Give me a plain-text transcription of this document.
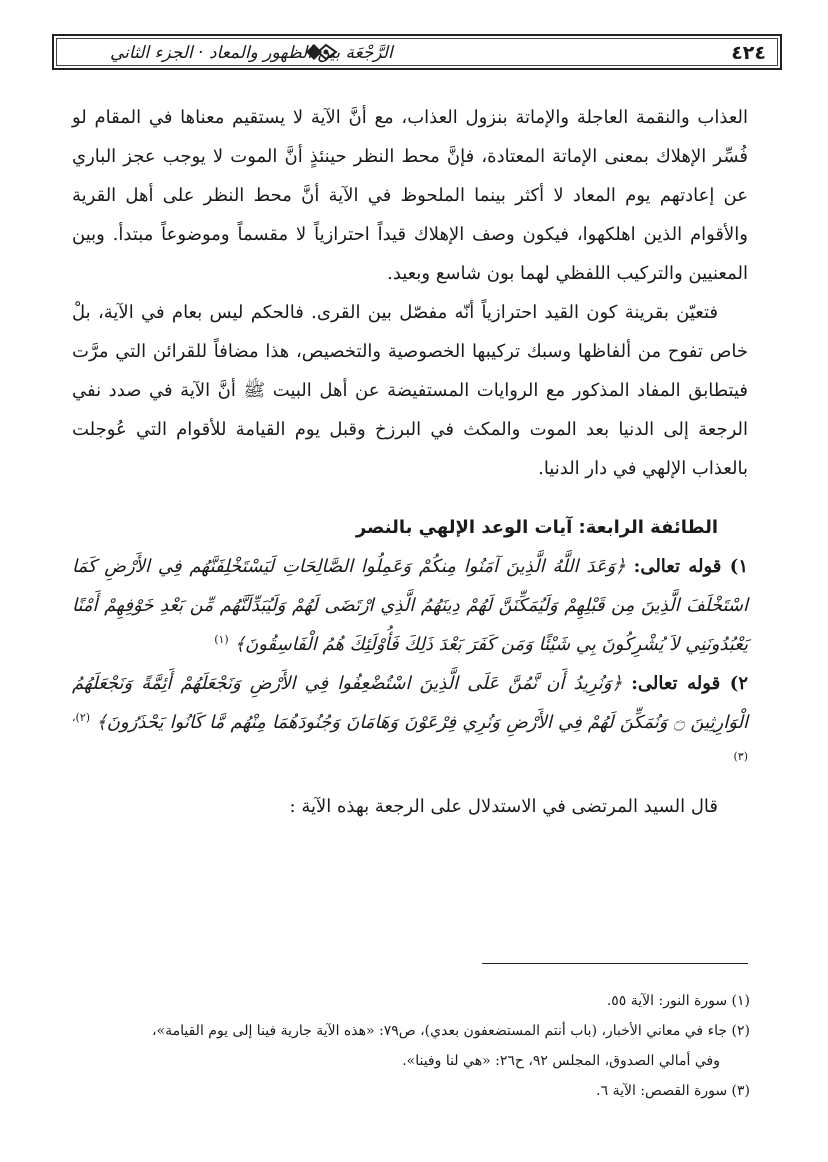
الرَّجْعَة بين الظهور والمعاد · الجزء الثاني	٤٢٤

العذاب والنقمة العاجلة والإماتة بنزول العذاب، مع أنَّ الآية لا يستقيم معناها في المقام لو فُسِّر الإهلاك بمعنى الإماتة المعتادة، فإنَّ محط النظر حينئذٍ أنَّ الموت لا يوجب عجز الباري عن إعادتهم يوم المعاد لا أكثر بينما الملحوظ في الآية أنَّ محط النظر على أهل القرية والأقوام الذين اهلكهوا، فيكون وصف الإهلاك قيداً احترازياً لا مقسماً وموضوعاً مبتدأ. وبين المعنيين والتركيب اللفظي لهما بون شاسع وبعيد.

فتعيّن بقرينة كون القيد احترازياً أنّه مفصّل بين القرى. فالحكم ليس بعام في الآية، بلْ خاص تفوح من ألفاظها وسبك تركيبها الخصوصية والتخصيص، هذا مضافاً للقرائن التي مرَّت فيتطابق المفاد المذكور مع الروايات المستفيضة عن أهل البيت ﷺ أنَّ الآية في صدد نفي الرجعة إلى الدنيا بعد الموت والمكث في البرزخ وقبل يوم القيامة للأقوام التي عُوجلت بالعذاب الإلهي في دار الدنيا.

الطائفة الرابعة: آيات الوعد الإلهي بالنصر

١) قوله تعالى: ﴿وَعَدَ اللَّهُ الَّذِينَ آمَنُوا مِنكُمْ وَعَمِلُوا الصَّالِحَاتِ لَيَسْتَخْلِفَنَّهُم فِي الأَرْضِ كَمَا اسْتَخْلَفَ الَّذِينَ مِن قَبْلِهِمْ وَلَيُمَكِّنَنَّ لَهُمْ دِينَهُمُ الَّذِي ارْتَضَى لَهُمْ وَلَيُبَدِّلَنَّهُم مِّن بَعْدِ خَوْفِهِمْ أَمْنًا يَعْبُدُونَنِي لاَ يُشْرِكُونَ بِي شَيْئًا وَمَن كَفَرَ بَعْدَ ذَلِكَ فَأُوْلَئِكَ هُمُ الْفَاسِقُونَ﴾ $^{(١)}$

٢) قوله تعالى: ﴿وَنُرِيدُ أَن نَّمُنَّ عَلَى الَّذِينَ اسْتُضْعِفُوا فِي الأَرْضِ وَنَجْعَلَهُمْ أَئِمَّةً وَنَجْعَلَهُمُ الْوَارِثِينَ ۝ وَنُمَكِّنَ لَهُمْ فِي الأَرْضِ وَنُرِي فِرْعَوْنَ وَهَامَانَ وَجُنُودَهُمَا مِنْهُم مَّا كَانُوا يَحْذَرُونَ﴾ $^{(٢)، (٣)}$

قال السيد المرتضى في الاستدلال على الرجعة بهذه الآية :
(١) سورة النور: الآية ٥٥.
(٢) جاء في معاني الأخبار، (باب أنتم المستضعفون بعدي)، ص٧٩: «هذه الآية جارية فينا إلى يوم القيامة»،
وفي أمالي الصدوق، المجلس ٩٢، ح٢٦: «هي لنا وفينا».
(٣) سورة القصص: الآية ٦.
